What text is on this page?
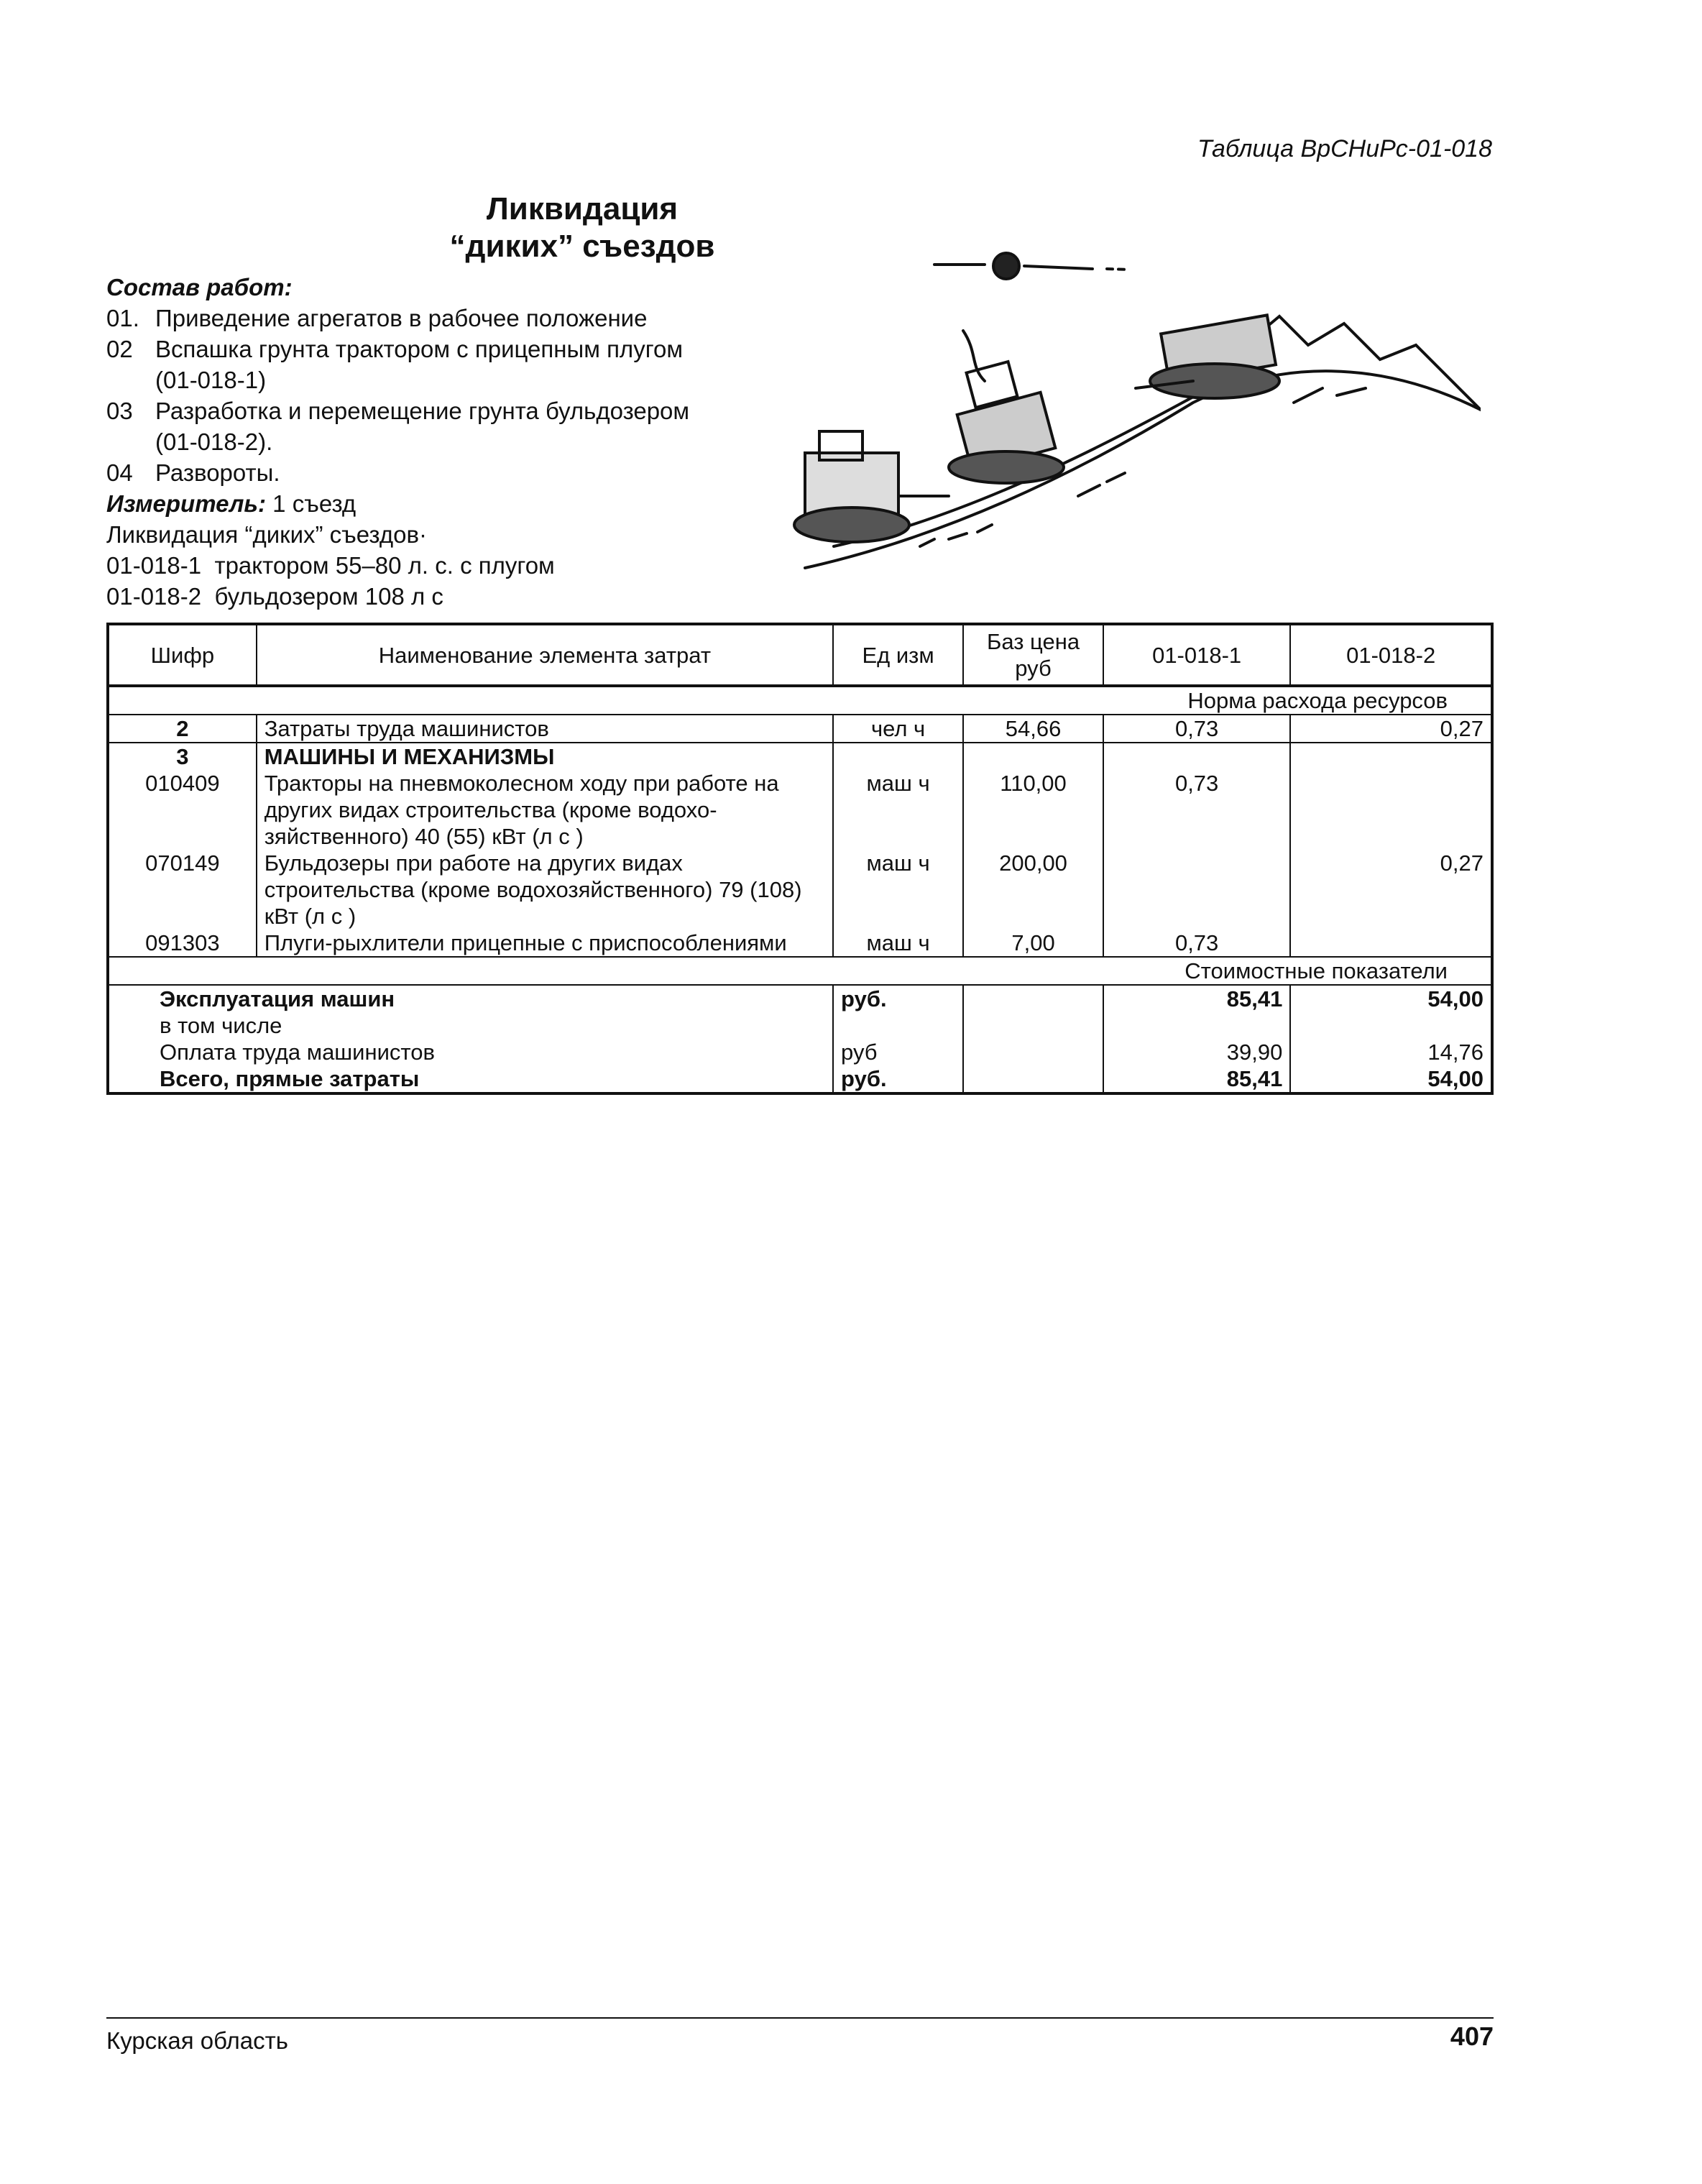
Таблица ВрСНиРс-01-018
Ликвидация
“диких” съездов
Состав работ:
01. Приведение агрегатов в рабочее положение
02 Вспашка грунта трактором с прицепным плугом
(01-018-1)
03 Разработка и перемещение грунта бульдозером
(01-018-2).
04 Развороты.
Измеритель: 1 съезд
Ликвидация “диких” съездов·
01-018-1 трактором 55–80 л. с. с плугом
01-018-2 бульдозером 108 л с
Шифр	Наименование элемента затрат	Ед изм	Баз цена руб	01-018-1	01-018-2
Норма расхода ресурсов					
2	Затраты труда машинистов	чел ч	54,66	0,73	0,27
3	МАШИНЫ И МЕХАНИЗМЫ				
010409	Тракторы на пневмоколесном ходу при работе на других видах строительства (кроме водохо-зяйственного) 40 (55) кВт (л с )	маш ч	110,00	0,73	
070149	Бульдозеры при работе на других видах строительства (кроме водохозяйственного) 79 (108) кВт (л с )	маш ч	200,00		0,27
091303	Плуги-рыхлители прицепные с приспособлениями	маш ч	7,00	0,73	
Стоимостные показатели					
Эксплуатация машин		руб.		85,41	54,00
в том числе					
Оплата труда машинистов		руб		39,90	14,76
Всего, прямые затраты		руб.		85,41	54,00
Курская область	407
